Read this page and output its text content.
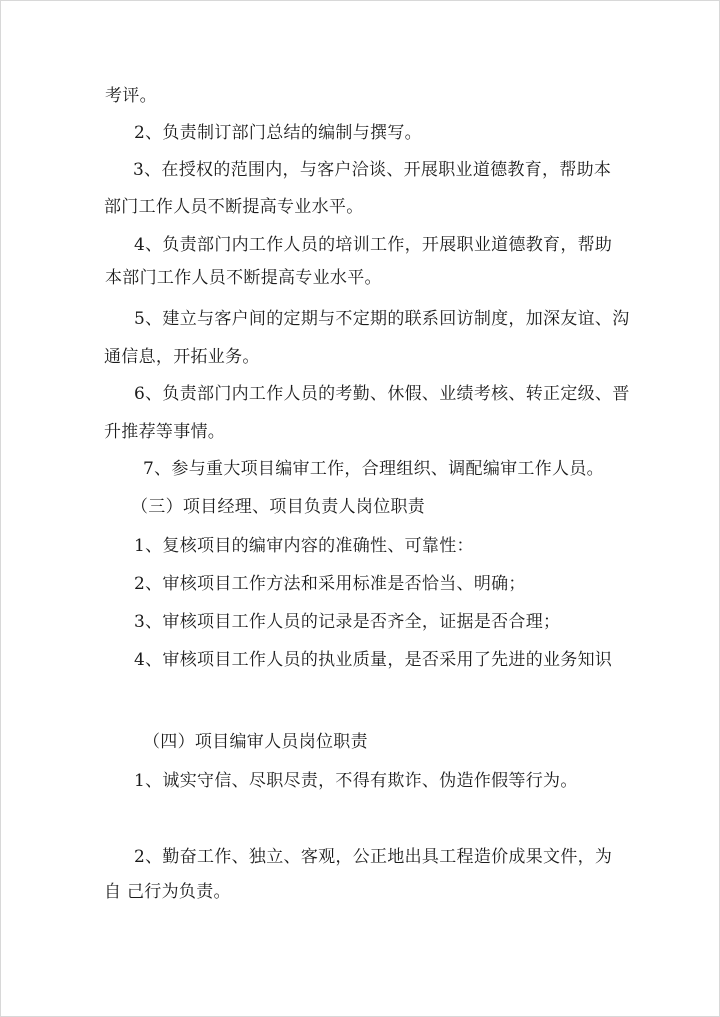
考评。
2、负责制订部门总结的编制与撰写。
3、在授权的范围内，与客户洽谈、开展职业道德教育，帮助本
部门工作人员不断提高专业水平。
4、负责部门内工作人员的培训工作，开展职业道德教育，帮助
本部门工作人员不断提高专业水平。
5、建立与客户间的定期与不定期的联系回访制度，加深友谊、沟
通信息，开拓业务。
6、负责部门内工作人员的考勤、休假、业绩考核、转正定级、晋
升推荐等事情。
7、参与重大项目编审工作，合理组织、调配编审工作人员。
（三）项目经理、项目负责人岗位职责
1、复核项目的编审内容的准确性、可靠性：
2、审核项目工作方法和采用标准是否恰当、明确；
3、审核项目工作人员的记录是否齐全，证据是否合理；
4、审核项目工作人员的执业质量，是否采用了先进的业务知识
（四）项目编审人员岗位职责
1、诚实守信、尽职尽责，不得有欺诈、伪造作假等行为。
2、勤奋工作、独立、客观，公正地出具工程造价成果文件，为
自 己行为负责。
